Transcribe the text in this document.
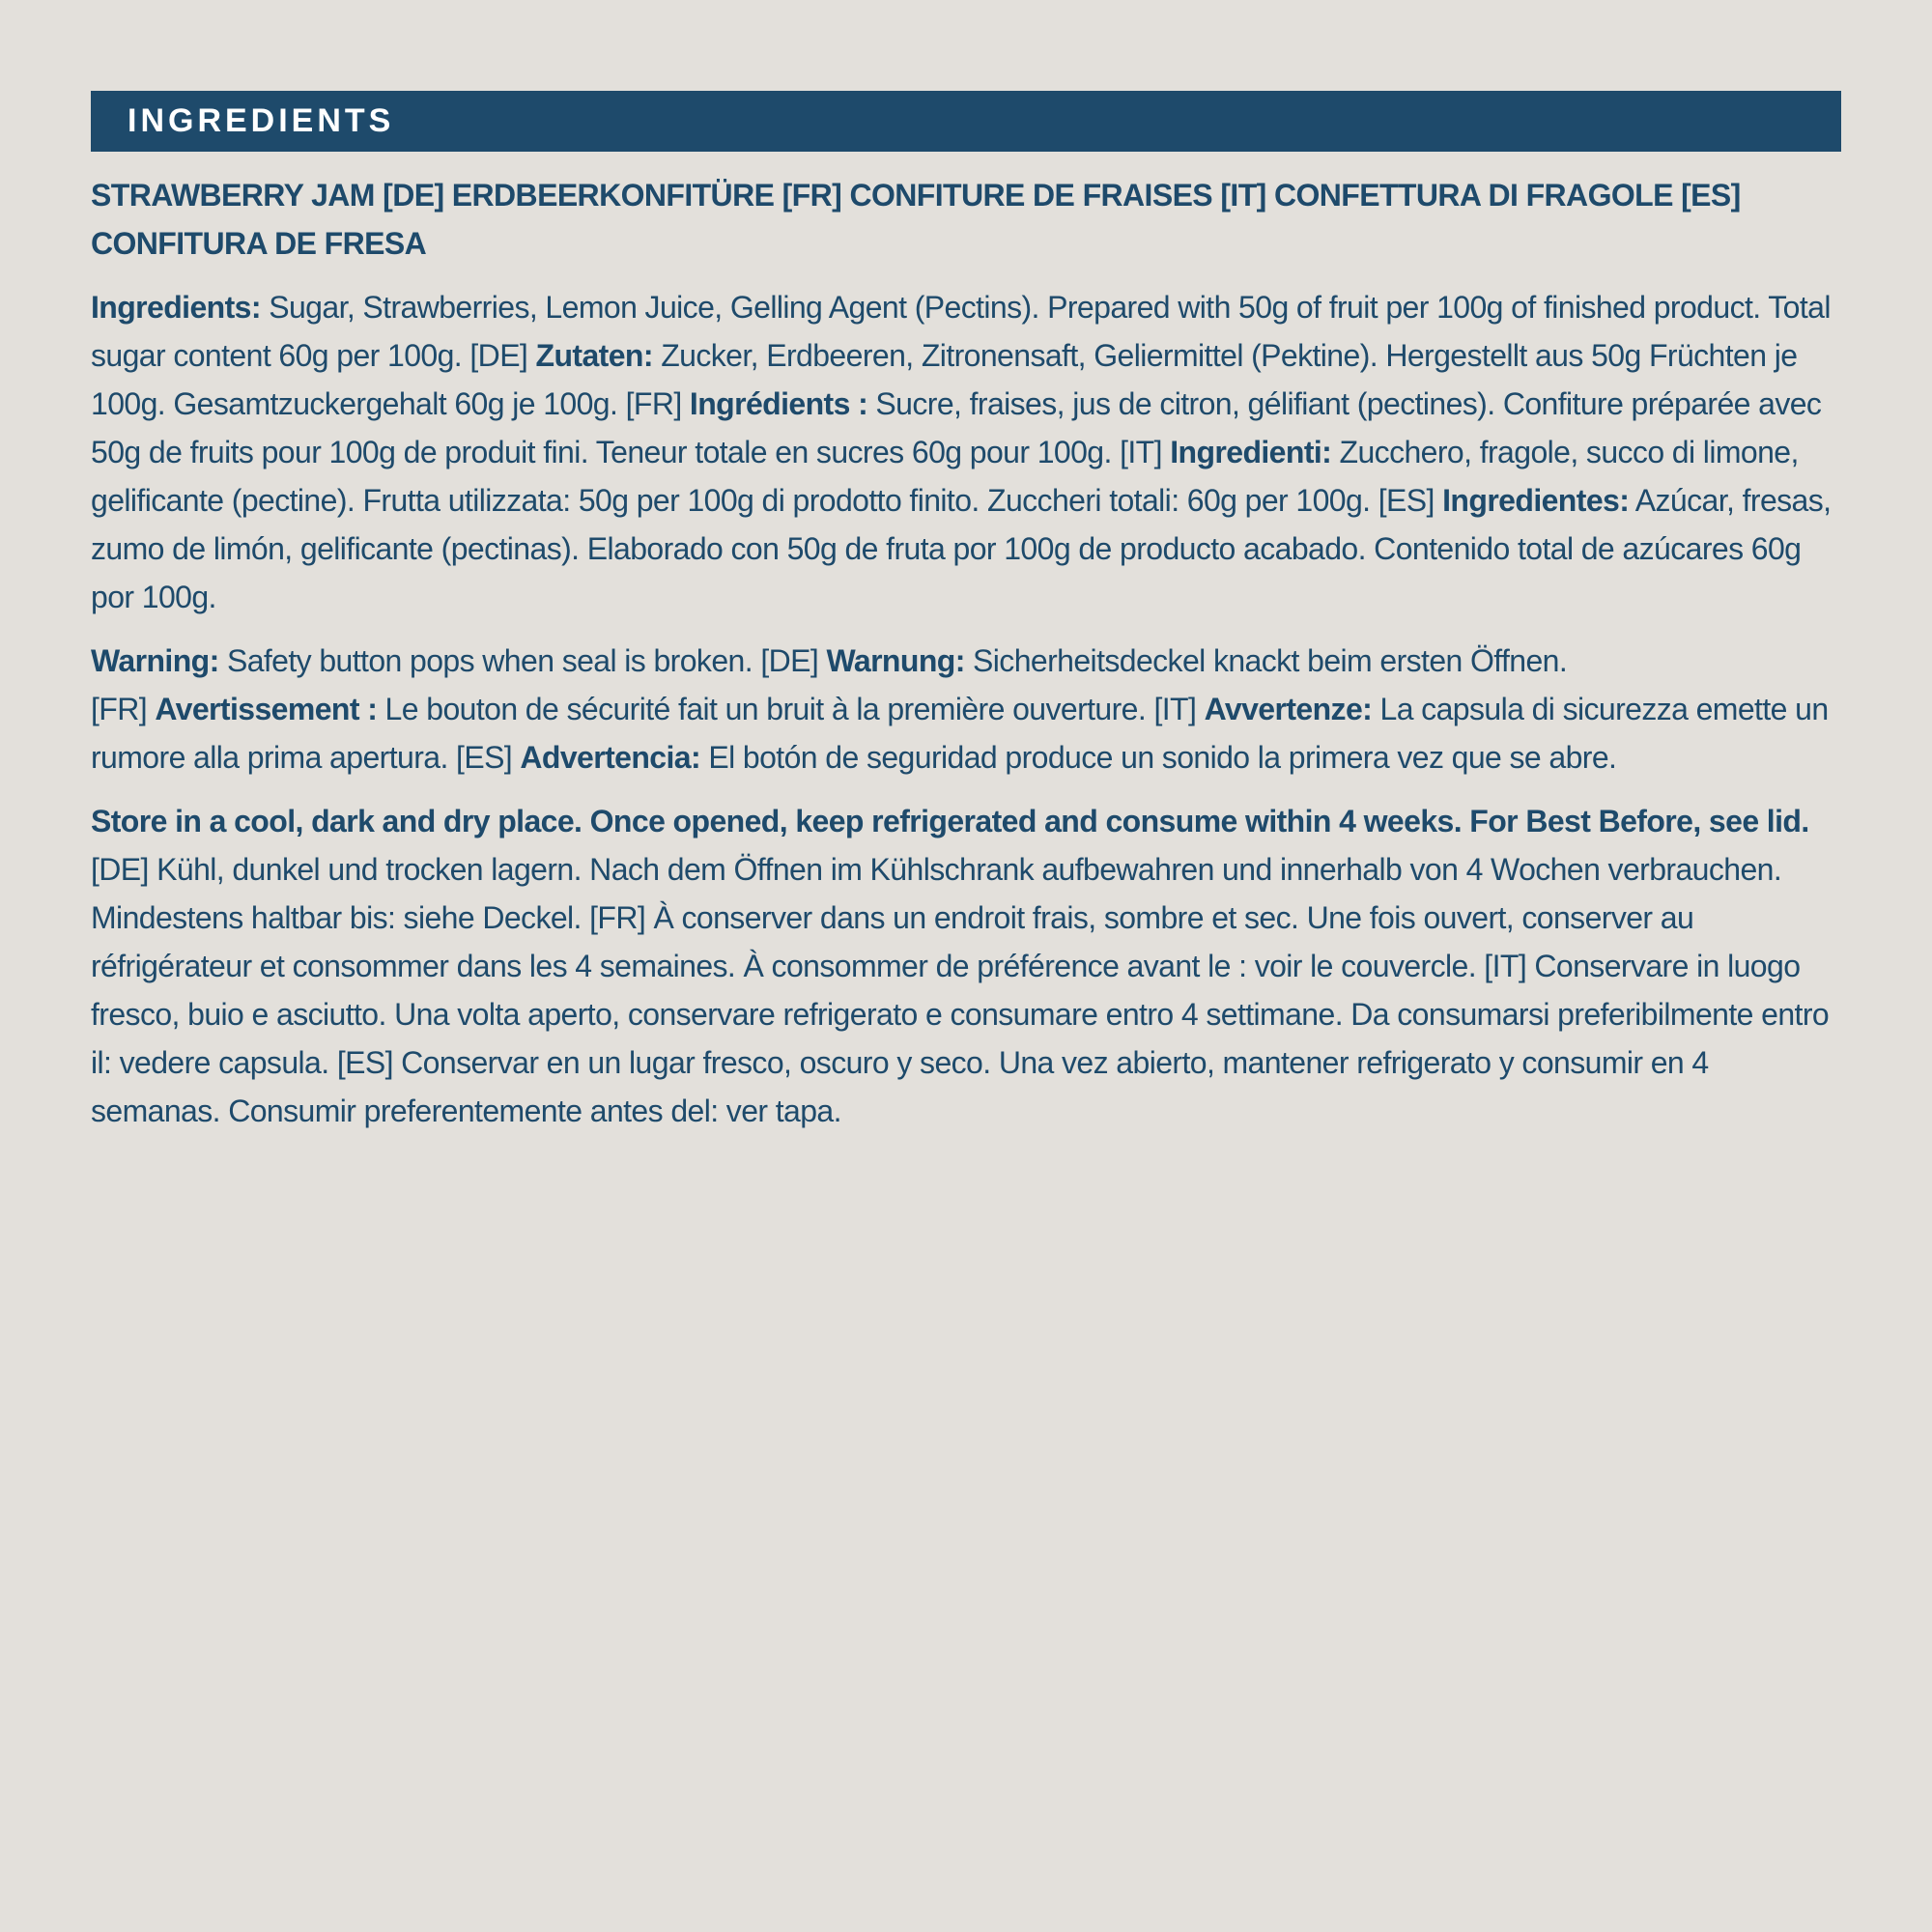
INGREDIENTS

STRAWBERRY JAM [DE] ERDBEERKONFITÜRE [FR] CONFITURE DE FRAISES [IT] CONFETTURA DI FRAGOLE [ES] CONFITURA DE FRESA

Ingredients: Sugar, Strawberries, Lemon Juice, Gelling Agent (Pectins). Prepared with 50g of fruit per 100g of finished product. Total sugar content 60g per 100g. [DE] Zutaten: Zucker, Erdbeeren, Zitronensaft, Geliermittel (Pektine). Hergestellt aus 50g Früchten je 100g. Gesamtzuckergehalt 60g je 100g. [FR] Ingrédients : Sucre, fraises, jus de citron, gélifiant (pectines). Confiture préparée avec 50g de fruits pour 100g de produit fini. Teneur totale en sucres 60g pour 100g. [IT] Ingredienti: Zucchero, fragole, succo di limone, gelificante (pectine). Frutta utilizzata: 50g per 100g di prodotto finito. Zuccheri totali: 60g per 100g. [ES] Ingredientes: Azúcar, fresas, zumo de limón, gelificante (pectinas). Elaborado con 50g de fruta por 100g de producto acabado. Contenido total de azúcares 60g por 100g.

Warning: Safety button pops when seal is broken. [DE] Warnung: Sicherheitsdeckel knackt beim ersten Öffnen.
[FR] Avertissement : Le bouton de sécurité fait un bruit à la première ouverture. [IT] Avvertenze: La capsula di sicurezza emette un rumore alla prima apertura. [ES] Advertencia: El botón de seguridad produce un sonido la primera vez que se abre.

Store in a cool, dark and dry place. Once opened, keep refrigerated and consume within 4 weeks. For Best Before, see lid.
[DE] Kühl, dunkel und trocken lagern. Nach dem Öffnen im Kühlschrank aufbewahren und innerhalb von 4 Wochen verbrauchen. Mindestens haltbar bis: siehe Deckel. [FR] À conserver dans un endroit frais, sombre et sec. Une fois ouvert, conserver au réfrigérateur et consommer dans les 4 semaines. À consommer de préférence avant le : voir le couvercle. [IT] Conservare in luogo fresco, buio e asciutto. Una volta aperto, conservare refrigerato e consumare entro 4 settimane. Da consumarsi preferibilmente entro il: vedere capsula. [ES] Conservar en un lugar fresco, oscuro y seco. Una vez abierto, mantener refrigerato y consumir en 4 semanas. Consumir preferentemente antes del: ver tapa.
